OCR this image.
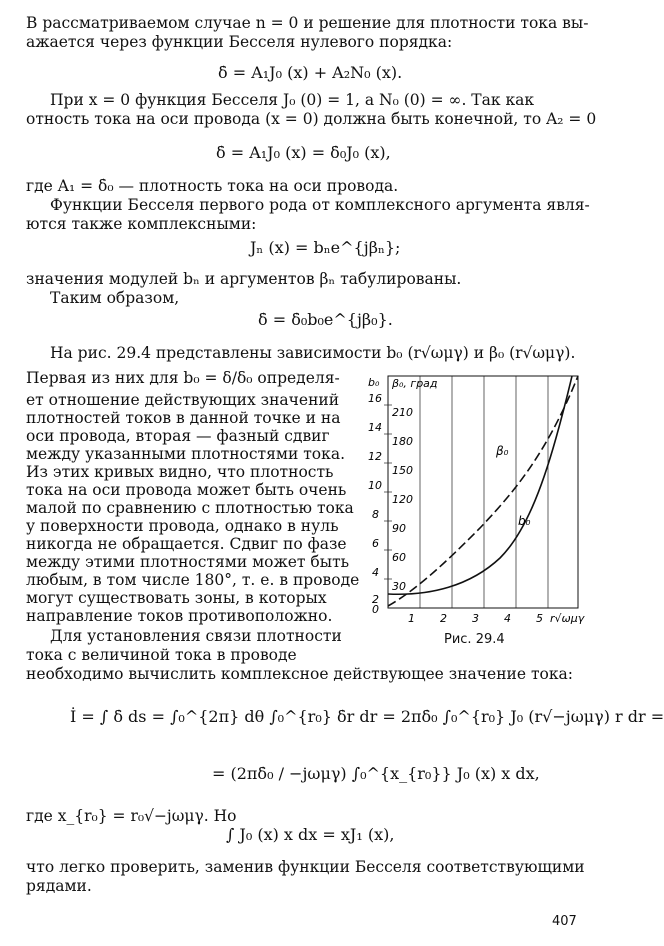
В рассматриваемом случае n = 0 и решение для плотности тока вы-
ажается через функции Бесселя нулевого порядка:
δ̇ = A₁J₀ (x) + A₂N₀ (x).
При x = 0 функция Бесселя J₀ (0) = 1, а N₀ (0) = ∞. Так как
отность тока на оси провода (x = 0) должна быть конечной, то A₂ = 0
δ̇ = A₁J₀ (x) = δ̇₀J₀ (x),
где A₁ = δ̇₀ — плотность тока на оси провода.
Функции Бесселя первого рода от комплексного аргумента явля-
ются также комплексными:
Jₙ (x) = bₙe^{jβₙ};
значения модулей bₙ и аргументов βₙ табулированы.
Таким образом,
δ̇ = δ̇₀b₀e^{jβ₀}.
На рис. 29.4 представлены зависимости b₀ (r√ωμγ) и β₀ (r√ωμγ).
Первая из них для b₀ = δ/δ₀ определя-
ет отношение действующих значений
плотностей токов в данной точке и на
оси провода, вторая — фазный сдвиг
между указанными плотностями тока.
Из этих кривых видно, что плотность
тока на оси провода может быть очень
малой по сравнению с плотностью тока
у поверхности провода, однако в нуль
никогда не обращается. Сдвиг по фазе
между этими плотностями может быть
любым, в том числе 180°, т. е. в проводе
могут существовать зоны, в которых
направление токов противоположно.
Для установления связи плотности
тока с величиной тока в проводе
необходимо вычислить комплексное действующее значение тока:
İ = ∫ δ̇ ds = ∫₀^{2π} dθ ∫₀^{r₀} δ̇r dr = 2πδ̇₀ ∫₀^{r₀} J₀ (r√−jωμγ) r dr =
= (2πδ̇₀ / −jωμγ) ∫₀^{x_{r₀}} J₀ (x) x dx,
где x_{r₀} = r₀√−jωμγ. Но
∫ J₀ (x) x dx = xJ₁ (x),
что легко проверить, заменив функции Бесселя соответствующими
рядами.
407
b₀
16
14
12
10
8
6
4
2
0
β₀, град
210
180
150
120
90
60
30
1 2 3 4 5 r√ωμγ
β₀
b₀
Рис. 29.4
